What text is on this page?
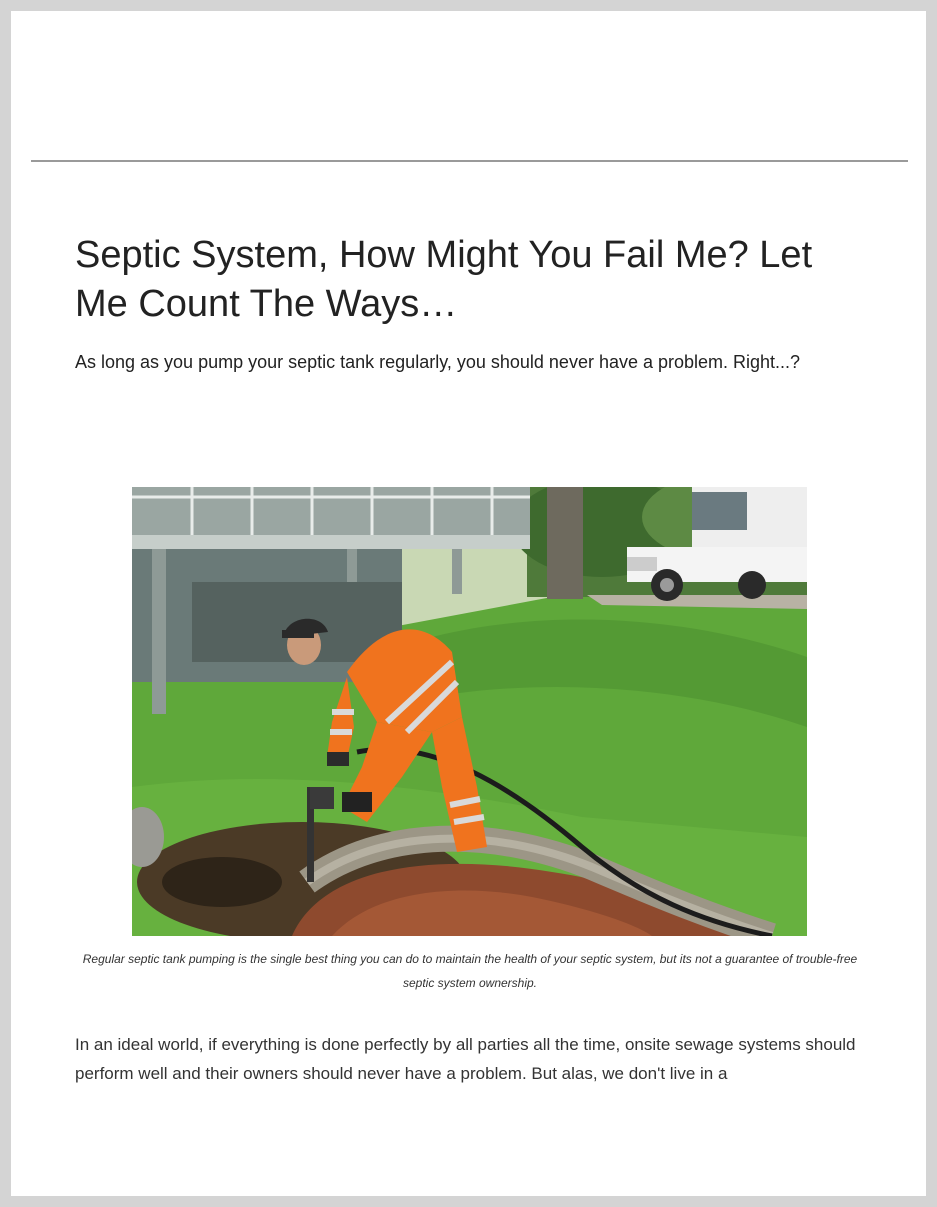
Septic System, How Might You Fail Me? Let Me Count The Ways…

As long as you pump your septic tank regularly, you should never have a problem. Right...?

Regular septic tank pumping is the single best thing you can do to maintain the health of your septic system, but its not a guarantee of trouble-free septic system ownership.

In an ideal world, if everything is done perfectly by all parties all the time, onsite sewage systems should perform well and their owners should never have a problem. But alas, we don't live in a
